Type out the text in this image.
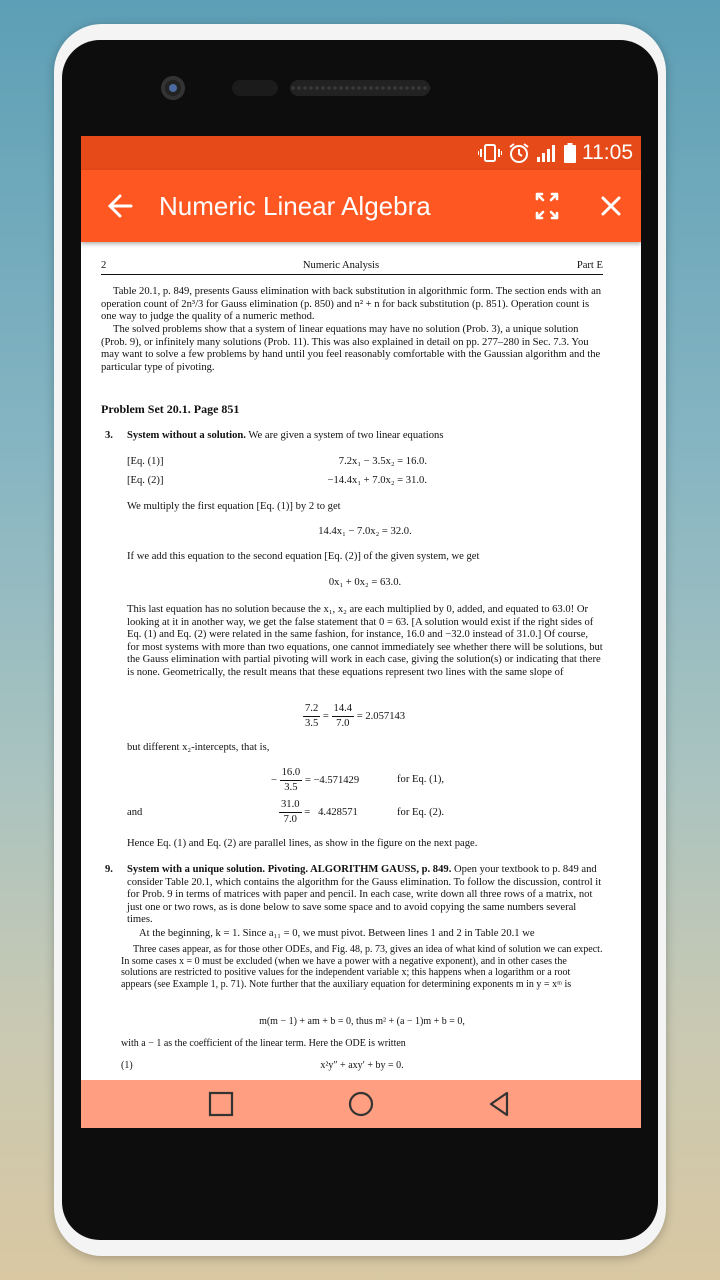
11:05
Numeric Linear Algebra
2	Numeric Analysis	Part E

Table 20.1, p. 849, presents Gauss elimination with back substitution in algorithmic form. The section ends with an operation count of 2n³/3 for Gauss elimination (p. 850) and n² + n for back substitution (p. 851). Operation count is one way to judge the quality of a numeric method.

The solved problems show that a system of linear equations may have no solution (Prob. 3), a unique solution (Prob. 9), or infinitely many solutions (Prob. 11). This was also explained in detail on pp. 277–280 in Sec. 7.3. You may want to solve a few problems by hand until you feel reasonably comfortable with the Gaussian algorithm and the particular type of pivoting.

Problem Set 20.1. Page 851
3. System without a solution. We are given a system of two linear equations
[Eq. (1)]	7.2x₁ − 3.5x₂ = 16.0.
[Eq. (2)]	−14.4x₁ + 7.0x₂ = 31.0.
We multiply the first equation [Eq. (1)] by 2 to get
14.4x₁ − 7.0x₂ = 32.0.
If we add this equation to the second equation [Eq. (2)] of the given system, we get
0x₁ + 0x₂ = 63.0.

This last equation has no solution because the x₁, x₂ are each multiplied by 0, added, and equated to 63.0! Or looking at it in another way, we get the false statement that 0 = 63. [A solution would exist if the right sides of Eq. (1) and Eq. (2) were related in the same fashion, for instance, 16.0 and −32.0 instead of 31.0.] Of course, for most systems with more than two equations, one cannot immediately see whether there will be solutions, but the Gauss elimination with partial pivoting will work in each case, giving the solution(s) or indicating that there is none. Geometrically, the result means that these equations represent two lines with the same slope of

$\frac{7.2}{3.5} = \frac{14.4}{7.0} = 2.057143$
but different x₂-intercepts, that is,
− $\frac{16.0}{3.5} = -4.571429$	for Eq. (1),
and	$\frac{31.0}{7.0} = 4.428571$	for Eq. (2).
Hence Eq. (1) and Eq. (2) are parallel lines, as show in the figure on the next page.
9. System with a unique solution. Pivoting. ALGORITHM GAUSS, p. 849. Open your textbook to p. 849 and consider Table 20.1, which contains the algorithm for the Gauss elimination. To follow the discussion, control it for Prob. 9 in terms of matrices with paper and pencil. In each case, write down all three rows of a matrix, not just one or two rows, as is done below to save some space and to avoid copying the same numbers several times.

At the beginning, k = 1. Since a₁₁ = 0, we must pivot. Between lines 1 and 2 in Table 20.1 we

Three cases appear, as for those other ODEs, and Fig. 48, p. 73, gives an idea of what kind of solution we can expect. In some cases x = 0 must be excluded (when we have a power with a negative exponent), and in other cases the solutions are restricted to positive values for the independent variable x; this happens when a logarithm or a root appears (see Example 1, p. 71). Note further that the auxiliary equation for determining exponents m in y = xᵐ is

m(m − 1) + am + b = 0, thus m² + (a − 1)m + b = 0,
with a − 1 as the coefficient of the linear term. Here the ODE is written
(1)	x²y″ + axy′ + by = 0.
